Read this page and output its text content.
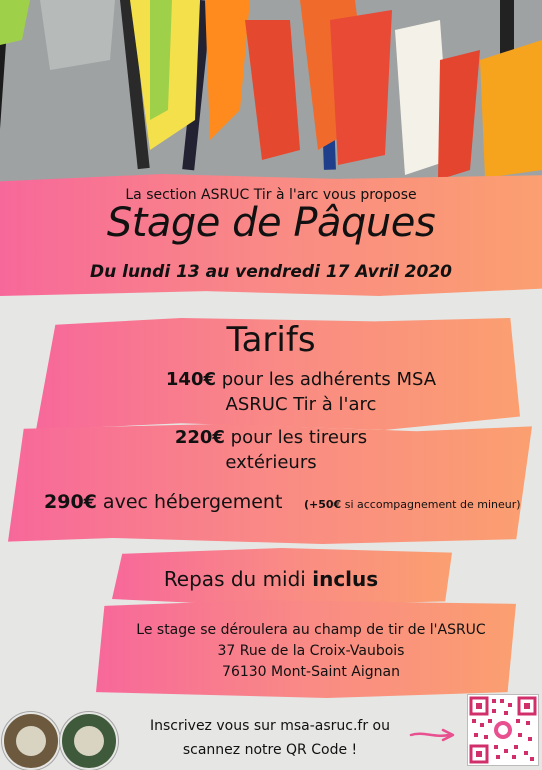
La section ASRUC Tir à l'arc vous propose

Stage de Pâques

Du lundi 13 au vendredi 17 Avril 2020

Tarifs

140€ pour les adhérents MSA
ASRUC Tir à l'arc
220€ pour les tireurs
extérieurs

290€ avec hébergement (+50€ si accompagnement de mineur)

Repas du midi inclus

Le stage se déroulera au champ de tir de l'ASRUC
37 Rue de la Croix-Vaubois
76130 Mont-Saint Aignan
Inscrivez vous sur msa-asruc.fr ou
scannez notre QR Code !
